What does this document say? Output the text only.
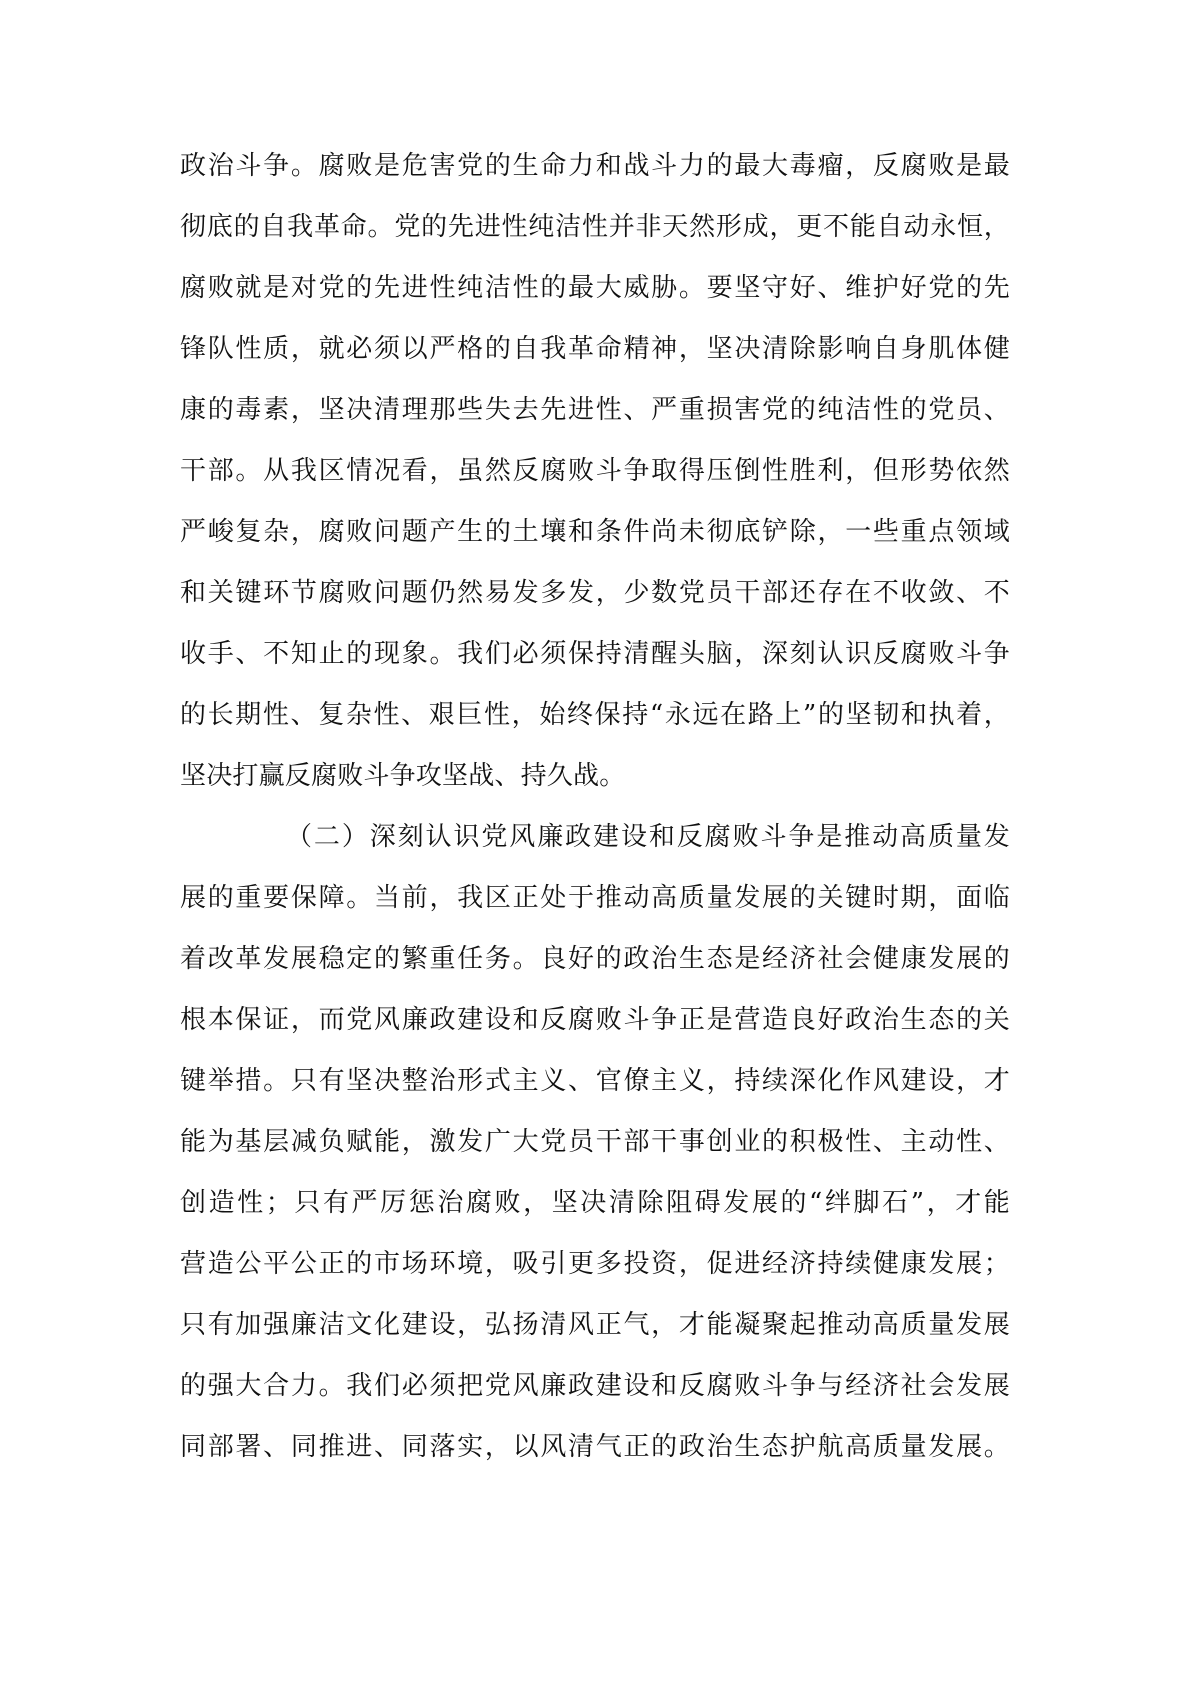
政治斗争。腐败是危害党的生命力和战斗力的最大毒瘤，反腐败是最
彻底的自我革命。党的先进性纯洁性并非天然形成，更不能自动永恒，
腐败就是对党的先进性纯洁性的最大威胁。要坚守好、维护好党的先
锋队性质，就必须以严格的自我革命精神，坚决清除影响自身肌体健
康的毒素，坚决清理那些失去先进性、严重损害党的纯洁性的党员、
干部。从我区情况看，虽然反腐败斗争取得压倒性胜利，但形势依然
严峻复杂，腐败问题产生的土壤和条件尚未彻底铲除，一些重点领域
和关键环节腐败问题仍然易发多发，少数党员干部还存在不收敛、不
收手、不知止的现象。我们必须保持清醒头脑，深刻认识反腐败斗争
的长期性、复杂性、艰巨性，始终保持“永远在路上”的坚韧和执着，
坚决打赢反腐败斗争攻坚战、持久战。
（二）深刻认识党风廉政建设和反腐败斗争是推动高质量发
展的重要保障。当前，我区正处于推动高质量发展的关键时期，面临
着改革发展稳定的繁重任务。良好的政治生态是经济社会健康发展的
根本保证，而党风廉政建设和反腐败斗争正是营造良好政治生态的关
键举措。只有坚决整治形式主义、官僚主义，持续深化作风建设，才
能为基层减负赋能，激发广大党员干部干事创业的积极性、主动性、
创造性；只有严厉惩治腐败，坚决清除阻碍发展的“绊脚石”，才能
营造公平公正的市场环境，吸引更多投资，促进经济持续健康发展；
只有加强廉洁文化建设，弘扬清风正气，才能凝聚起推动高质量发展
的强大合力。我们必须把党风廉政建设和反腐败斗争与经济社会发展
同部署、同推进、同落实，以风清气正的政治生态护航高质量发展。
